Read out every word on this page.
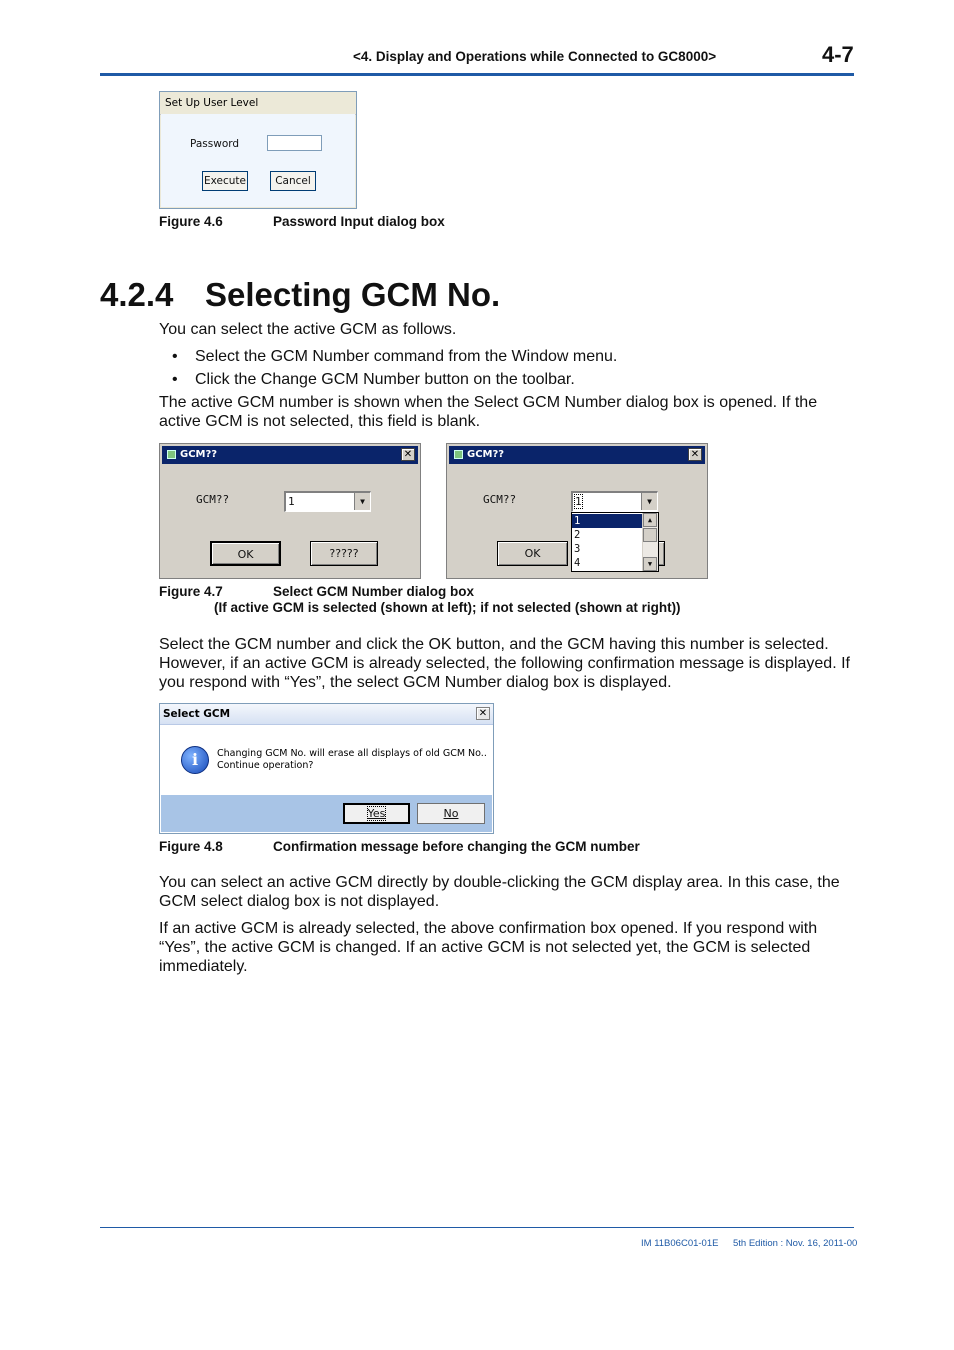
<4. Display and Operations while Connected to GC8000>	4-7
Set Up User Level
Password
Execute	Cancel
Figure 4.6	Password Input dialog box
4.2.4 Selecting GCM No.
You can select the active GCM as follows.
• Select the GCM Number command from the Window menu.
• Click the Change GCM Number button on the toolbar.
The active GCM number is shown when the Select GCM Number dialog box is opened. If the active GCM is not selected, this field is blank.
GCM??	✕
GCM??	1	▼
OK	?????
GCM??	✕
GCM??	1	▼
OK
1
2
3
4
▲
▼
Figure 4.7	Select GCM Number dialog box
(If active GCM is selected (shown at left); if not selected (shown at right))
Select the GCM number and click the OK button, and the GCM having this number is selected. However, if an active GCM is already selected, the following confirmation message is displayed. If you respond with “Yes”, the select GCM Number dialog box is displayed.
Select GCM	✕
i	Changing GCM No. will erase all displays of old GCM No..
Continue operation?
Yes	No
Figure 4.8	Confirmation message before changing the GCM number
You can select an active GCM directly by double-clicking the GCM display area. In this case, the GCM select dialog box is not displayed.
If an active GCM is already selected, the above confirmation box opened. If you respond with “Yes”, the active GCM is changed. If an active GCM is not selected yet, the GCM is selected immediately.
IM 11B06C01-01E 5th Edition : Nov. 16, 2011-00
